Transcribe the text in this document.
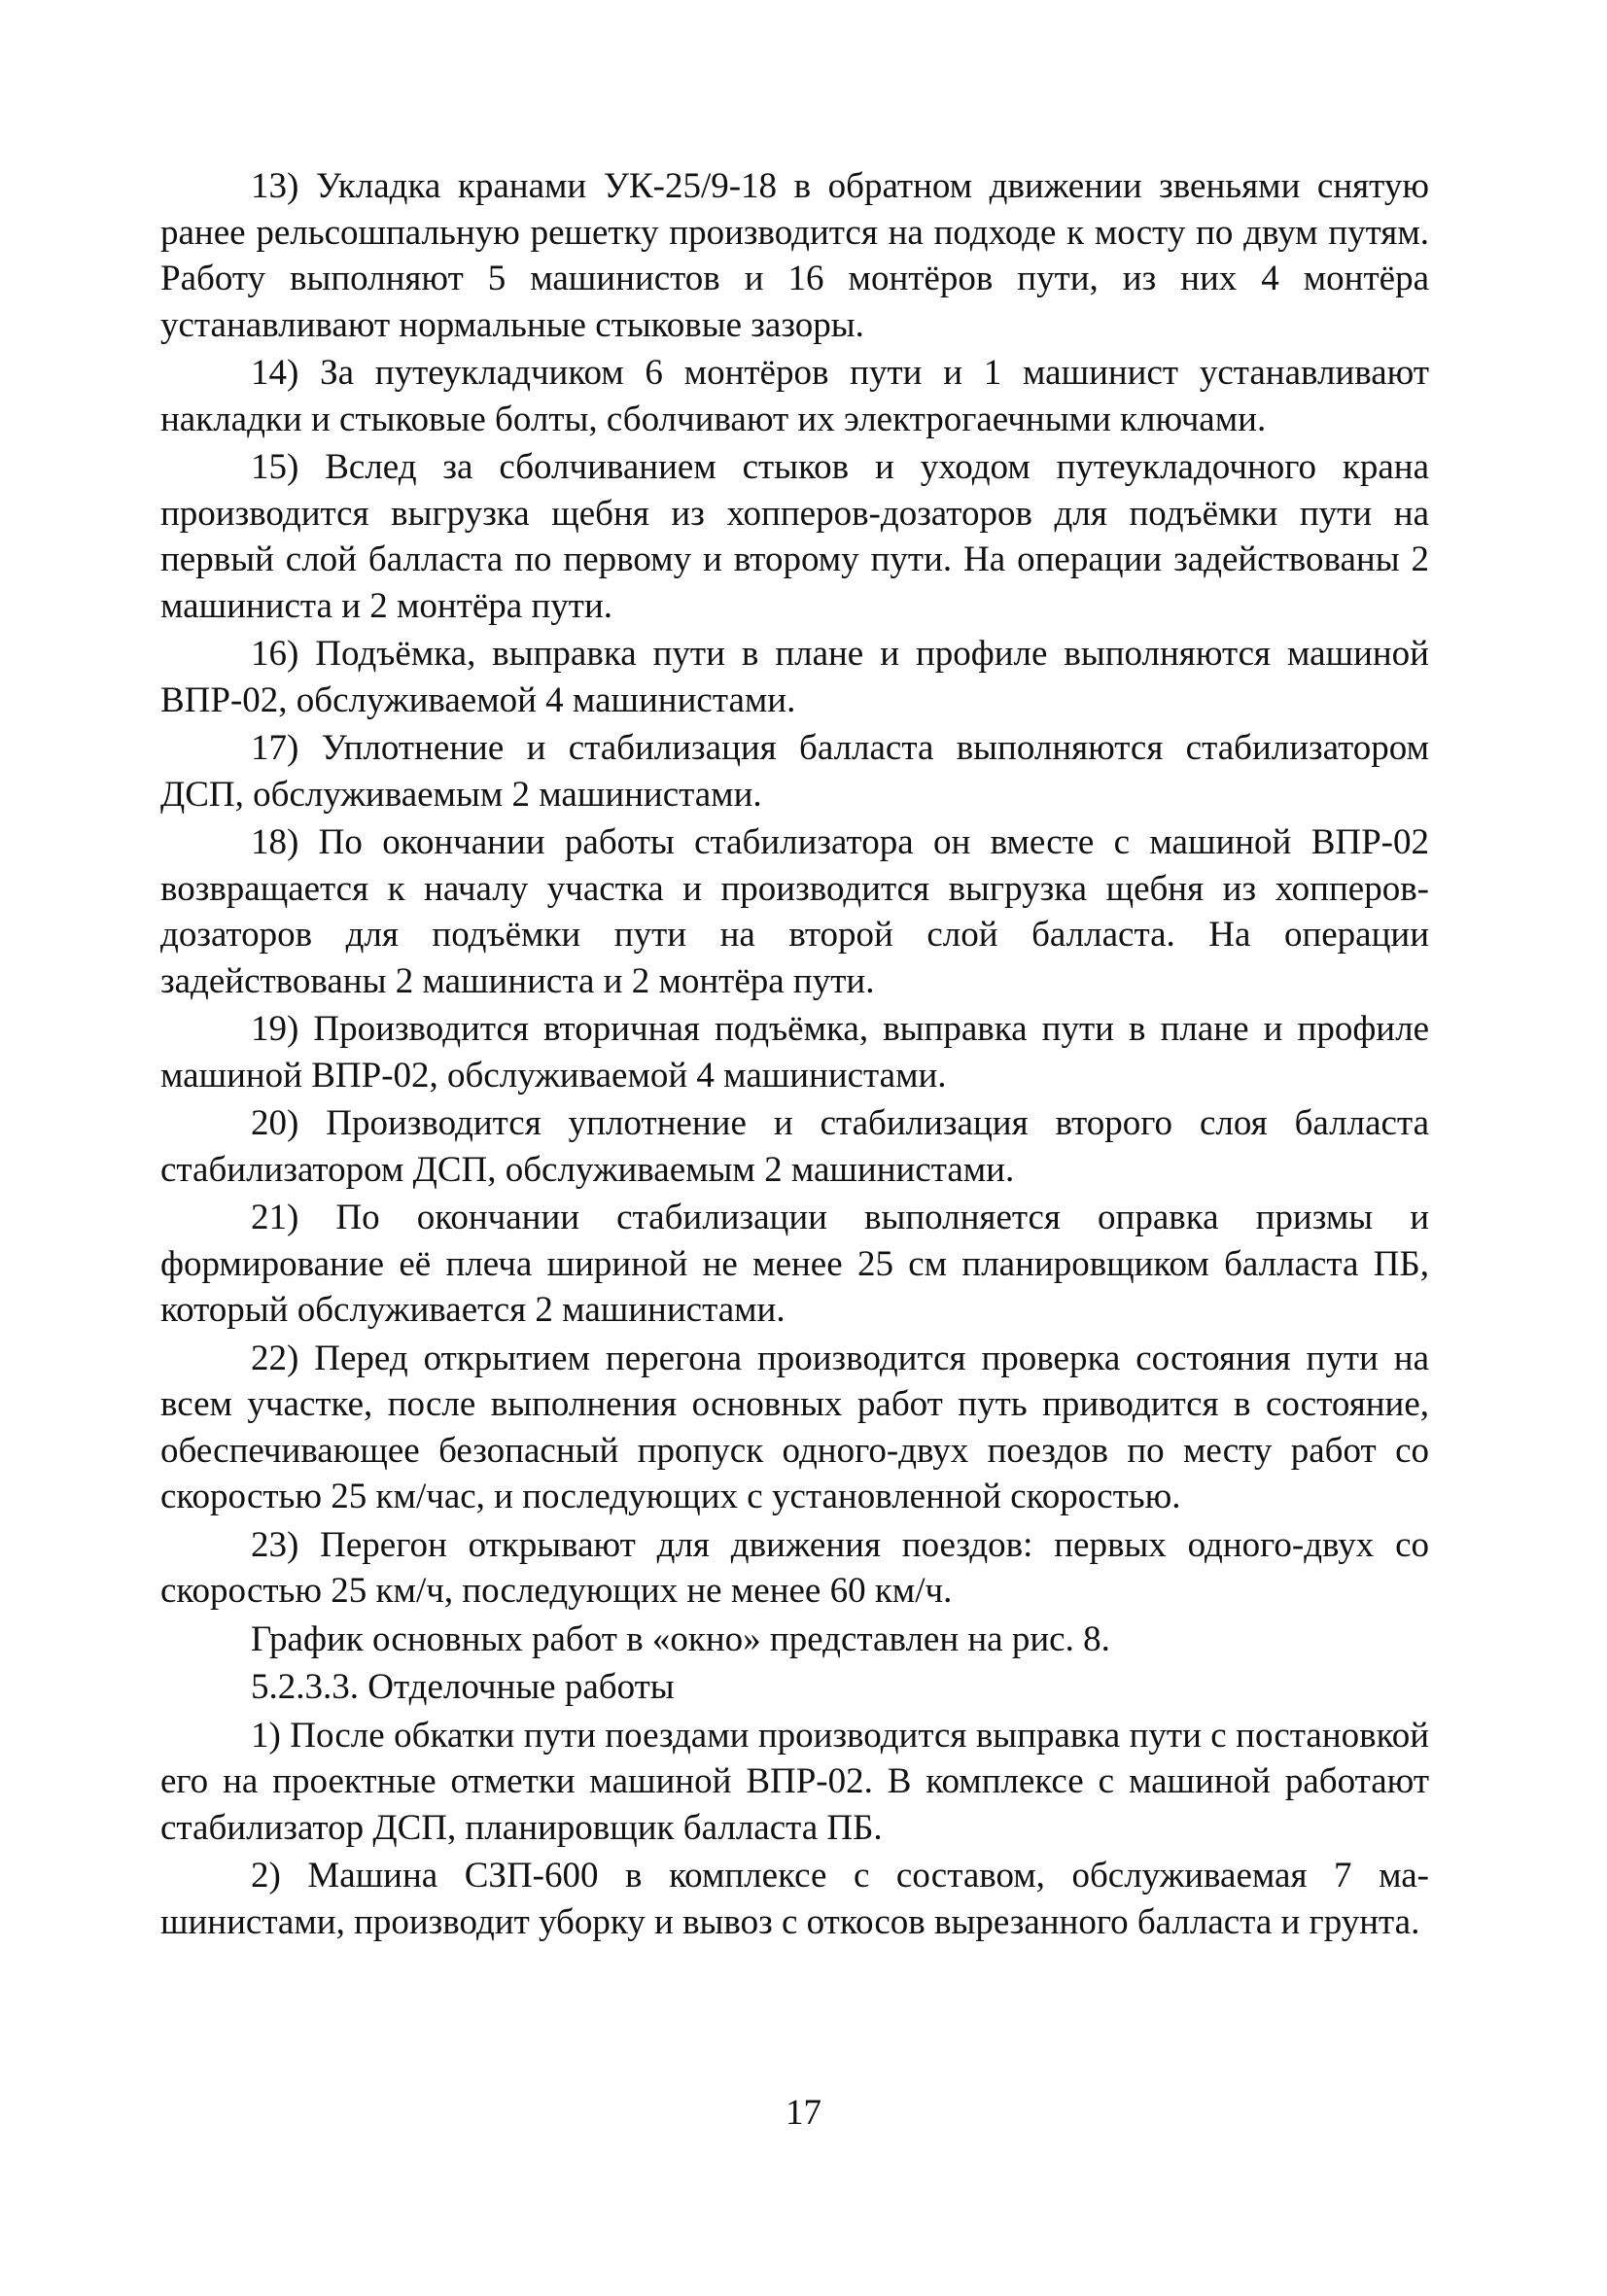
13) Укладка кранами УК-25/9-18 в обратном движении звеньями снятую ранее рельсошпальную решетку производится на подходе к мосту по двум путям. Работу выполняют 5 машинистов и 16 монтёров пути, из них 4 монтёра устанавливают нормальные стыковые зазоры.

14) За путеукладчиком 6 монтёров пути и 1 машинист устанавливают накладки и стыковые болты, сболчивают их электрогаечными ключами.

15) Вслед за сболчиванием стыков и уходом путеукладочного крана производится выгрузка щебня из хопперов-дозаторов для подъёмки пути на первый слой балласта по первому и второму пути. На операции задействованы 2 машиниста и 2 монтёра пути.

16) Подъёмка, выправка пути в плане и профиле выполняются машиной ВПР-02, обслуживаемой 4 машинистами.

17) Уплотнение и стабилизация балласта выполняются стабилизатором ДСП, обслуживаемым 2 машинистами.

18) По окончании работы стабилизатора он вместе с машиной ВПР-02 возвращается к началу участка и производится выгрузка щебня из хопперов-дозаторов для подъёмки пути на второй слой балласта. На операции задействованы 2 машиниста и 2 монтёра пути.

19) Производится вторичная подъёмка, выправка пути в плане и профиле машиной ВПР-02, обслуживаемой 4 машинистами.

20) Производится уплотнение и стабилизация второго слоя балласта стабилизатором ДСП, обслуживаемым 2 машинистами.

21) По окончании стабилизации выполняется оправка призмы и формирование её плеча шириной не менее 25 см планировщиком балласта ПБ, который обслуживается 2 машинистами.

22) Перед открытием перегона производится проверка состояния пути на всем участке, после выполнения основных работ путь приводится в состояние, обеспечивающее безопасный пропуск одного-двух поездов по месту работ со скоростью 25 км/час, и последующих с установленной скоростью.

23) Перегон открывают для движения поездов: первых одного-двух со скоростью 25 км/ч, последующих не менее 60 км/ч.

График основных работ в «окно» представлен на рис. 8.

5.2.3.3. Отделочные работы

1) После обкатки пути поездами производится выправка пути с постановкой его на проектные отметки машиной ВПР-02. В комплексе с машиной работают стабилизатор ДСП, планировщик балласта ПБ.

2) Машина СЗП-600 в комплексе с составом, обслуживаемая 7 машинистами, производит уборку и вывоз с откосов вырезанного балласта и грунта.

17
